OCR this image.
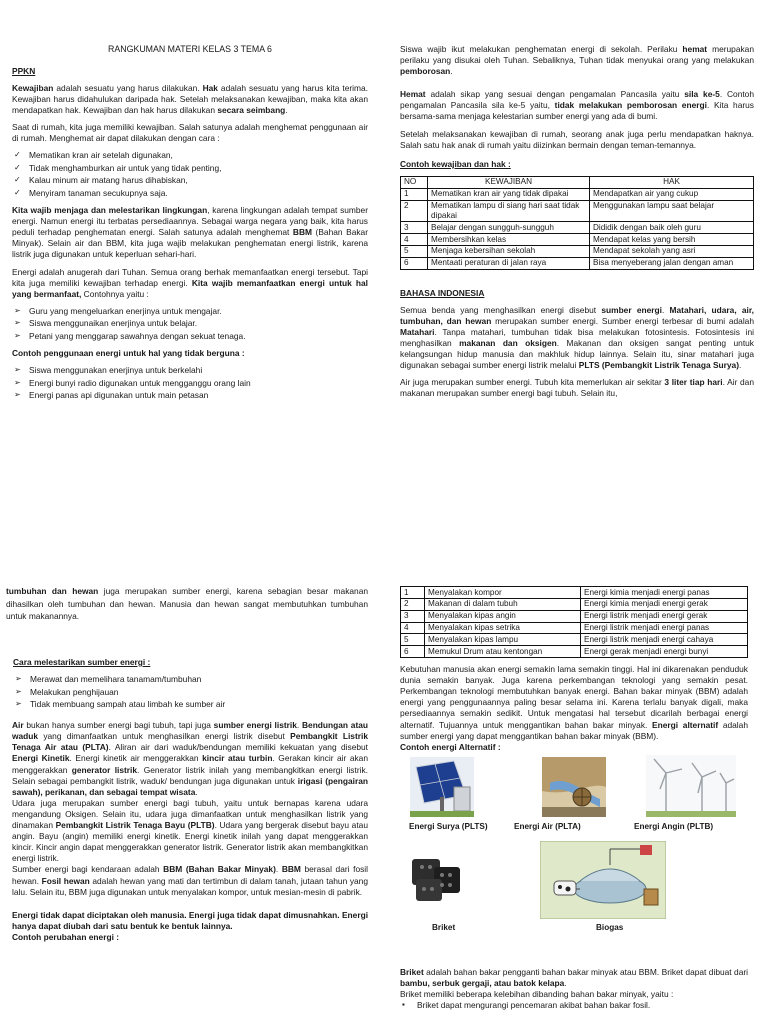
RANGKUMAN MATERI KELAS 3 TEMA 6
PPKN

Kewajiban adalah sesuatu yang harus dilakukan. Hak adalah sesuatu yang harus kita terima. Kewajiban harus didahulukan daripada hak. Setelah melaksanakan kewajiban, maka kita akan mendapatkan hak. Kewajiban dan hak harus dilakukan secara seimbang.

Saat di rumah, kita juga memiliki kewajiban. Salah satunya adalah menghemat penggunaan air di rumah. Menghemat air dapat dilakukan dengan cara :

✓ Mematikan kran air setelah digunakan,
✓ Tidak menghamburkan air untuk yang tidak penting,
✓ Kalau minum air matang harus dihabiskan,
✓ Menyiram tanaman secukupnya saja.

Kita wajib menjaga dan melestarikan lingkungan, karena lingkungan adalah tempat sumber energi. Namun energi itu terbatas persediaannya. Sebagai warga negara yang baik, kita harus peduli terhadap penghematan energi. Salah satunya adalah menghemat BBM (Bahan Bakar Minyak). Selain air dan BBM, kita juga wajib melakukan penghematan energi listrik, karena listrik juga digunakan untuk keperluan sehari-hari.

Energi adalah anugerah dari Tuhan. Semua orang berhak memanfaatkan energi tersebut. Tapi kita juga memiliki kewajiban terhadap energi. Kita wajib memanfaatkan energi untuk hal yang bermanfaat, Contohnya yaitu :

➢ Guru yang mengeluarkan enerjinya untuk mengajar.
➢ Siswa menggunaikan enerjinya untuk belajar.
➢ Petani yang menggarap sawahnya dengan sekuat tenaga.

Contoh penggunaan energi untuk hal yang tidak berguna :

➢ Siswa menggunakan enerjinya untuk berkelahi
➢ Energi bunyi radio digunakan untuk mengganggu orang lain
➢ Energi panas api digunakan untuk main petasan

Siswa wajib ikut melakukan penghematan energi di sekolah. Perilaku hemat merupakan perilaku yang disukai oleh Tuhan. Sebaliknya, Tuhan tidak menyukai orang yang melakukan pemborosan.

Hemat adalah sikap yang sesuai dengan pengamalan Pancasila yaitu sila ke-5. Contoh pengamalan Pancasila sila ke-5 yaitu, tidak melakukan pemborosan energi. Kita harus bersama-sama menjaga kelestarian sumber energi yang ada di bumi.

Setelah melaksanakan kewajiban di rumah, seorang anak juga perlu mendapatkan haknya. Salah satu hak anak di rumah yaitu diizinkan bermain dengan teman-temannya.

Contoh kewajiban dan hak :

NO	KEWAJIBAN	HAK
1	Mematikan kran air yang tidak dipakai	Mendapatkan air yang cukup
2	Mematikan lampu di siang hari saat tidak dipakai	Menggunakan lampu saat belajar
3	Belajar dengan sungguh-sungguh	Dididik dengan baik oleh guru
4	Membersihkan kelas	Mendapat kelas yang bersih
5	Menjaga kebersihan sekolah	Mendapat sekolah yang asri
6	Mentaati peraturan di jalan raya	Bisa menyeberang jalan dengan aman
BAHASA INDONESIA

Semua benda yang menghasilkan energi disebut sumber energi. Matahari, udara, air, tumbuhan, dan hewan merupakan sumber energi. Sumber energi terbesar di bumi adalah Matahari. Tanpa matahari, tumbuhan tidak bisa melakukan fotosintesis. Fotosintesis ini menghasilkan makanan dan oksigen. Makanan dan oksigen sangat penting untuk kelangsungan hidup manusia dan makhluk hidup lainnya. Selain itu, sinar matahari juga digunakan sebagai sumber energi listrik melalui PLTS (Pembangkit Listrik Tenaga Surya).

Air juga merupakan sumber energi. Tubuh kita memerlukan air sekitar 3 liter tiap hari. Air dan makanan merupakan sumber energi bagi tubuh. Selain itu,

tumbuhan dan hewan juga merupakan sumber energi, karena sebagian besar makanan dihasilkan oleh tumbuhan dan hewan. Manusia dan hewan sangat membutuhkan tumbuhan untuk makanannya.

Cara melestarikan sumber energi :

➢ Merawat dan memelihara tanamam/tumbuhan
➢ Melakukan penghijauan
➢ Tidak membuang sampah atau limbah ke sumber air

Air bukan hanya sumber energi bagi tubuh, tapi juga sumber energi listrik. Bendungan atau waduk yang dimanfaatkan untuk menghasilkan energi listrik disebut Pembangkit Listrik Tenaga Air atau (PLTA). Aliran air dari waduk/bendungan memiliki kekuatan yang disebut Energi Kinetik. Energi kinetik air menggerakkan kincir atau turbin. Gerakan kincir air akan menggerakkan generator listrik. Generator listrik inilah yang membangkitkan energi listrik. Selain sebagai pembangkit listrik, waduk/ bendungan juga digunakan untuk irigasi (pengairan sawah), perikanan, dan sebagai tempat wisata.

Udara juga merupakan sumber energi bagi tubuh, yaitu untuk bernapas karena udara mengandung Oksigen. Selain itu, udara juga dimanfaatkan untuk menghasilkan listrik yang dinamakan Pembangkit Listrik Tenaga Bayu (PLTB). Udara yang bergerak disebut bayu atau angin. Bayu (angin) memiliki energi kinetik. Energi kinetik inilah yang dapat menggerakkan kincir. Kincir angin dapat menggerakkan generator listrik. Generator listrik akan membangkitkan energi listrik.

Sumber energi bagi kendaraan adalah BBM (Bahan Bakar Minyak). BBM berasal dari fosil hewan. Fosil hewan adalah hewan yang mati dan tertimbun di dalam tanah, jutaan tahun yang lalu. Selain itu, BBM juga digunakan untuk menyalakan kompor, untuk mesian-mesin di pabrik.

Energi tidak dapat diciptakan oleh manusia. Energi juga tidak dapat dimusnahkan. Energi hanya dapat diubah dari satu bentuk ke bentuk lainnya.

Contoh perubahan energi :

1	Menyalakan kompor	Energi kimia menjadi energi panas
2	Makanan di dalam tubuh	Energi kimia menjadi energi gerak
3	Menyalakan kipas angin	Energi listrik menjadi energi gerak
4	Menyalakan kipas setrika	Energi listrik menjadi energi panas
5	Menyalakan kipas lampu	Energi listrik menjadi energi cahaya
6	Memukul Drum atau kentongan	Energi gerak menjadi energi bunyi

Kebutuhan manusia akan energi semakin lama semakin tinggi. Hal ini dikarenakan penduduk dunia semakin banyak. Juga karena perkembangan teknologi yang semakin pesat. Perkembangan teknologi membutuhkan banyak energi. Bahan bakar minyak (BBM) adalah energi yang penggunaannya paling besar selama ini. Karena terlalu banyak digali, maka persediaannya semakin sedikit. Untuk mengatasi hal tersebut dicarilah berbagai energi alternatif. Tujuannya untuk menggantikan bahan bakar minyak. Energi alternatif adalah sumber energi yang dapat menggantikan bahan bakar minyak (BBM).

Contoh energi Alternatif :

Energi Surya (PLTS)	Energi Air (PLTA)	Energi Angin (PLTB)
Briket	Biogas

Briket adalah bahan bakar pengganti bahan bakar minyak atau BBM. Briket dapat dibuat dari bambu, serbuk gergaji, atau batok kelapa.

Briket memiliki beberapa kelebihan dibanding bahan bakar minyak, yaitu :

▪ Briket dapat mengurangi pencemaran akibat bahan bakar fosil.
